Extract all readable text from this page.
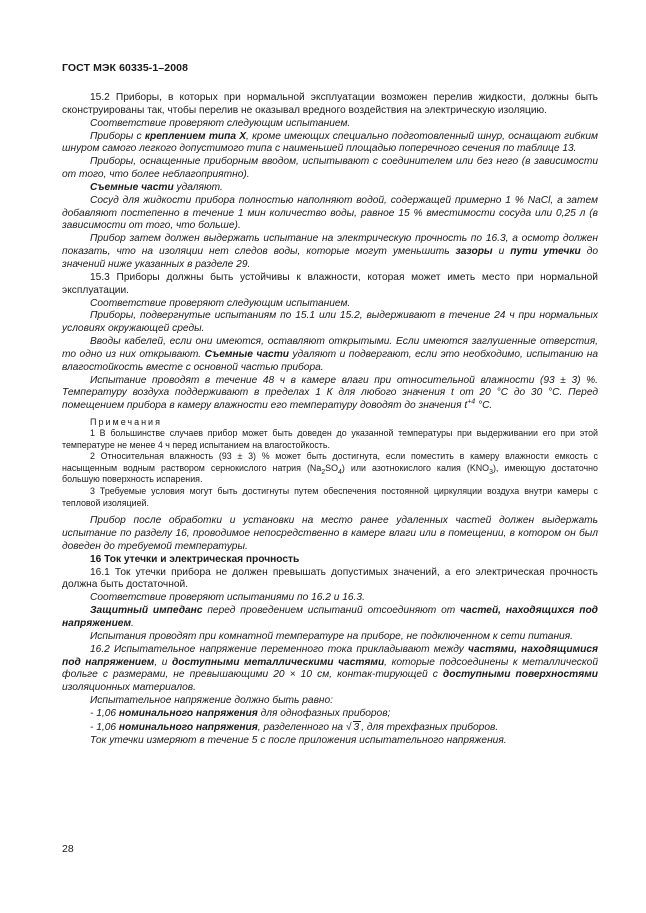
ГОСТ МЭК 60335-1–2008

15.2 Приборы, в которых при нормальной эксплуатации возможен перелив жидкости, должны быть сконструированы так, чтобы перелив не оказывал вредного воздействия на электрическую изоляцию.

Соответствие проверяют следующим испытанием.

Приборы с креплением типа X, кроме имеющих специально подготовленный шнур, оснащают гибким шнуром самого легкого допустимого типа с наименьшей площадью поперечного сечения по таблице 13.

Приборы, оснащенные приборным вводом, испытывают с соединителем или без него (в зависимости от того, что более неблагоприятно).

Съемные части удаляют.

Сосуд для жидкости прибора полностью наполняют водой, содержащей примерно 1 % NaCl, а затем добавляют постепенно в течение 1 мин количество воды, равное 15 % вместимости сосуда или 0,25 л (в зависимости от того, что больше).

Прибор затем должен выдержать испытание на электрическую прочность по 16.3, а осмотр должен показать, что на изоляции нет следов воды, которые могут уменьшить зазоры и пути утечки до значений ниже указанных в разделе 29.

15.3 Приборы должны быть устойчивы к влажности, которая может иметь место при нормальной эксплуатации.

Соответствие проверяют следующим испытанием.

Приборы, подвергнутые испытаниям по 15.1 или 15.2, выдерживают в течение 24 ч при нормальных условиях окружающей среды.

Вводы кабелей, если они имеются, оставляют открытыми. Если имеются заглушенные отверстия, то одно из них открывают. Съемные части удаляют и подвергают, если это необходимо, испытанию на влагостойкость вместе с основной частью прибора.

Испытание проводят в течение 48 ч в камере влаги при относительной влажности (93 ± 3) %. Температуру воздуха поддерживают в пределах 1 К для любого значения t от 20 °C до 30 °C. Перед помещением прибора в камеру влажности его температуру доводят до значения $t^{+4}$ °C.

Примечания

1 В большинстве случаев прибор может быть доведен до указанной температуры при выдерживании его при этой температуре не менее 4 ч перед испытанием на влагостойкость.

2 Относительная влажность (93 ± 3) % может быть достигнута, если поместить в камеру влажности емкость с насыщенным водным раствором сернокислого натрия $(Na_2SO_4)$ или азотнокислого калия $(KNO_3)$, имеющую достаточно большую поверхность испарения.

3 Требуемые условия могут быть достигнуты путем обеспечения постоянной циркуляции воздуха внутри камеры с тепловой изоляцией.

Прибор после обработки и установки на место ранее удаленных частей должен выдержать испытание по разделу 16, проводимое непосредственно в камере влаги или в помещении, в котором он был доведен до требуемой температуры.

16 Ток утечки и электрическая прочность

16.1 Ток утечки прибора не должен превышать допустимых значений, а его электрическая прочность должна быть достаточной.

Соответствие проверяют испытаниями по 16.2 и 16.3.

Защитный импеданс перед проведением испытаний отсоединяют от частей, находящихся под напряжением.

Испытания проводят при комнатной температуре на приборе, не подключенном к сети питания.

16.2 Испытательное напряжение переменного тока прикладывают между частями, находящимися под напряжением, и доступными металлическими частями, которые подсоединены к металлической фольге с размерами, не превышающими 20 × 10 см, контак-тирующей с доступными поверхностями изоляционных материалов.

Испытательное напряжение должно быть равно:

- 1,06 номинального напряжения для однофазных приборов;

- 1,06 номинального напряжения, разделенного на √ 3 , для трехфазных приборов.

Ток утечки измеряют в течение 5 с после приложения испытательного напряжения.

28
